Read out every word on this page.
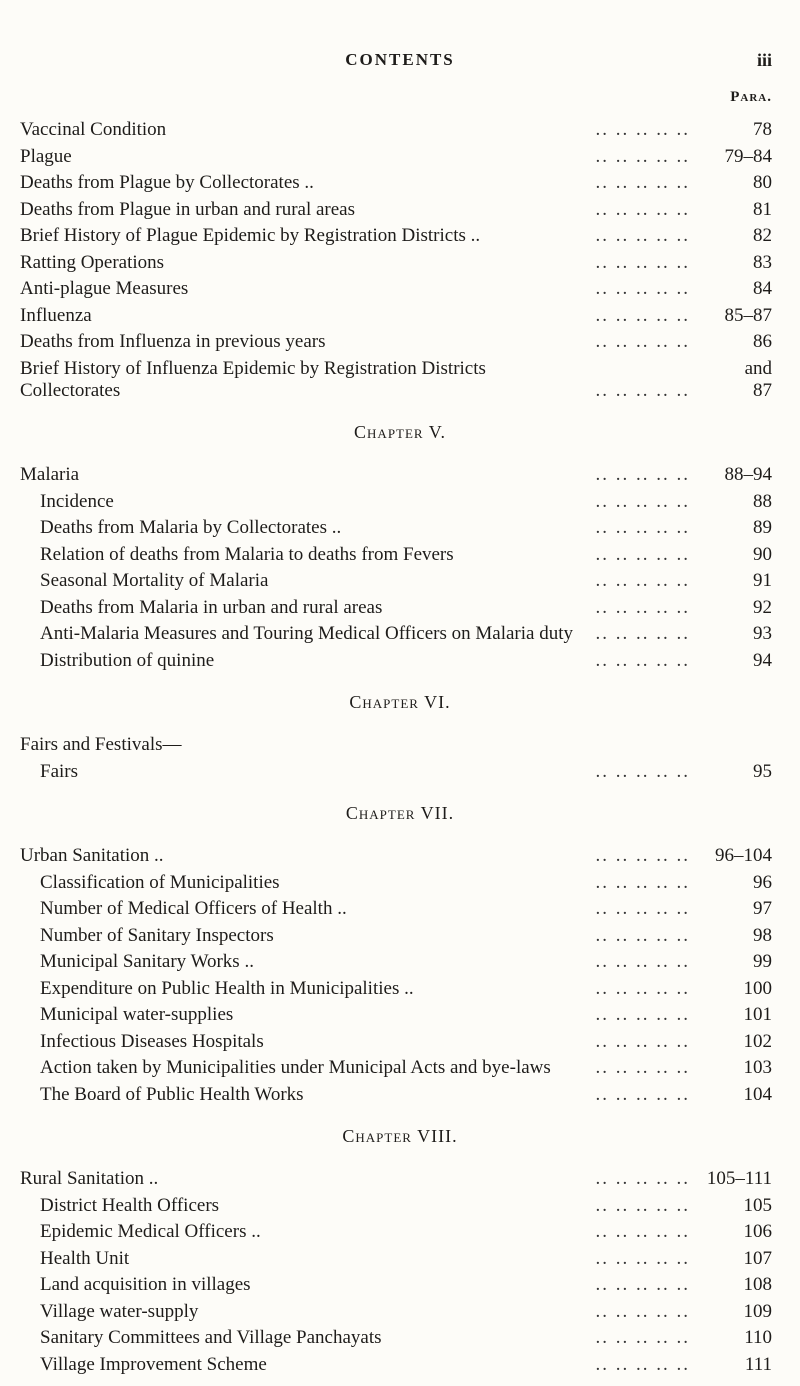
CONTENTS	iii
Para.
Vaccinal Condition	.. .. .. .. ..	78
Plague	.. .. .. .. .. 79–84
Deaths from Plague by Collectorates ..	.. .. .. .. ..	80
Deaths from Plague in urban and rural areas	.. .. .. .. ..	81
Brief History of Plague Epidemic by Registration Districts ..	.. .. .. .. ..	82
Ratting Operations	.. .. .. .. ..	83
Anti-plague Measures	.. .. .. .. ..	84
Influenza	.. .. .. .. .. 85–87
Deaths from Influenza in previous years	.. .. .. .. ..	86
Brief History of Influenza Epidemic by Registration Districts	and
Collectorates	.. .. .. .. ..	87
Chapter V.
Malaria	.. .. .. .. .. 88–94
Incidence	.. .. .. .. ..	88
Deaths from Malaria by Collectorates ..	.. .. .. .. ..	89
Relation of deaths from Malaria to deaths from Fevers	.. .. .. .. ..	90
Seasonal Mortality of Malaria	.. .. .. .. ..	91
Deaths from Malaria in urban and rural areas	.. .. .. .. ..	92
Anti-Malaria Measures and Touring Medical Officers on Malaria duty .. .. .. .. ..	93
Distribution of quinine	.. .. .. .. ..	94
Chapter VI.
Fairs and Festivals—
Fairs	.. .. .. .. ..	95
Chapter VII.
Urban Sanitation ..	.. .. .. .. .. 96–104
Classification of Municipalities	.. .. .. .. ..	96
Number of Medical Officers of Health ..	.. .. .. .. ..	97
Number of Sanitary Inspectors	.. .. .. .. ..	98
Municipal Sanitary Works ..	.. .. .. .. ..	99
Expenditure on Public Health in Municipalities ..	.. .. .. .. ..	100
Municipal water-supplies	.. .. .. .. ..	101
Infectious Diseases Hospitals	.. .. .. .. ..	102
Action taken by Municipalities under Municipal Acts and bye-laws .. .. .. .. ..	103
The Board of Public Health Works	.. .. .. .. ..	104
Chapter VIII.
Rural Sanitation ..	.. .. .. .. .. 105–111
District Health Officers	.. .. .. .. ..	105
Epidemic Medical Officers ..	.. .. .. .. ..	106
Health Unit	.. .. .. .. ..	107
Land acquisition in villages	.. .. .. .. ..	108
Village water-supply	.. .. .. .. ..	109
Sanitary Committees and Village Panchayats	.. .. .. .. ..	110
Village Improvement Scheme	.. .. .. .. ..	111
